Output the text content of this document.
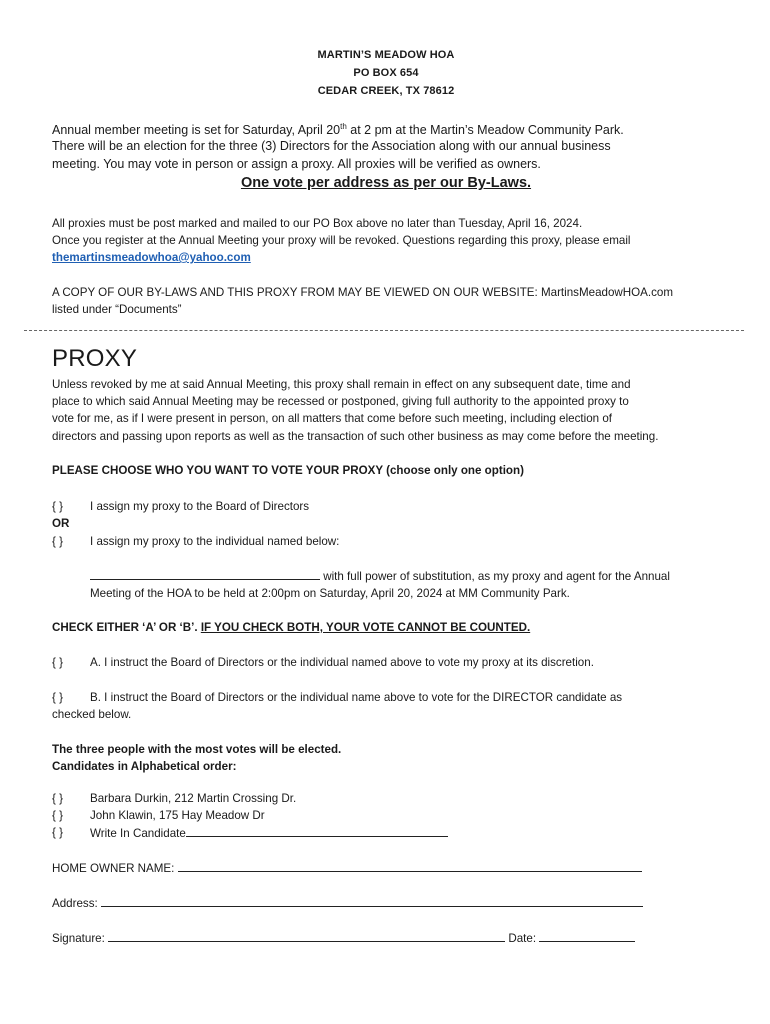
MARTIN’S MEADOW HOA
PO BOX 654
CEDAR CREEK, TX 78612
Annual member meeting is set for Saturday, April 20th at 2 pm at the Martin’s Meadow Community Park.
There will be an election for the three (3) Directors for the Association along with our annual business
meeting. You may vote in person or assign a proxy. All proxies will be verified as owners.
One vote per address as per our By-Laws.
All proxies must be post marked and mailed to our PO Box above no later than Tuesday, April 16, 2024.
Once you register at the Annual Meeting your proxy will be revoked. Questions regarding this proxy, please email
themartinsmeadowhoa@yahoo.com
A COPY OF OUR BY-LAWS AND THIS PROXY FROM MAY BE VIEWED ON OUR WEBSITE: MartinsMeadowHOA.com
listed under “Documents”
PROXY
Unless revoked by me at said Annual Meeting, this proxy shall remain in effect on any subsequent date, time and
place to which said Annual Meeting may be recessed or postponed, giving full authority to the appointed proxy to
vote for me, as if I were present in person, on all matters that come before such meeting, including election of
directors and passing upon reports as well as the transaction of such other business as may come before the meeting.
PLEASE CHOOSE WHO YOU WANT TO VOTE YOUR PROXY (choose only one option)
{ } I assign my proxy to the Board of Directors
OR
{ } I assign my proxy to the individual named below:
with full power of substitution, as my proxy and agent for the Annual
Meeting of the HOA to be held at 2:00pm on Saturday, April 20, 2024 at MM Community Park.
CHECK EITHER ‘A’ OR ‘B’. IF YOU CHECK BOTH, YOUR VOTE CANNOT BE COUNTED.
{ } A. I instruct the Board of Directors or the individual named above to vote my proxy at its discretion.
{ } B. I instruct the Board of Directors or the individual name above to vote for the DIRECTOR candidate as
checked below.
The three people with the most votes will be elected.
Candidates in Alphabetical order:
{ } Barbara Durkin, 212 Martin Crossing Dr.
{ } John Klawin, 175 Hay Meadow Dr
{ } Write In Candidate
HOME OWNER NAME:
Address:
Signature:	Date:
